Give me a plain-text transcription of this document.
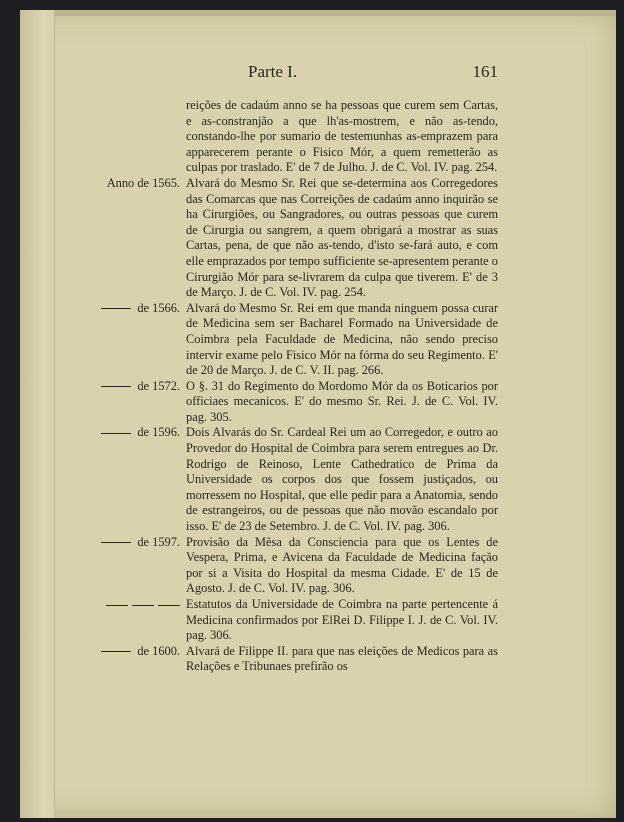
Parte I.	161
reições de cadaúm anno se ha pessoas que curem sem Cartas, e as-constranjão a que lh'as-mostrem, e não as-tendo, constando-lhe por sumario de testemunhas as-emprazem para apparecerem perante o Fisico Mór, a quem remetterão as culpas por traslado. E' de 7 de Julho. J. de C. Vol. IV. pag. 254.
Anno de 1565. Alvará do Mesmo Sr. Rei que se-determina aos Corregedores das Comarcas que nas Correições de cadaúm anno inquirão se ha Cirurgiões, ou Sangradores, ou outras pessoas que curem de Cirurgia ou sangrem, a quem obrigará a mostrar as suas Cartas, pena, de que não as-tendo, d'isto se-fará auto, e com elle emprazados por tempo sufficiente se-apresentem perante o Cirurgião Mór para se-livrarem da culpa que tiverem. E' de 3 de Março. J. de C. Vol. IV. pag. 254.
de 1566. Alvará do Mesmo Sr. Rei em que manda ninguem possa curar de Medicina sem ser Bacharel Formado na Universidade de Coimbra pela Faculdade de Medicina, não sendo preciso intervir exame pelo Fisico Mór na fórma do seu Regimento. E' de 20 de Março. J. de C. V. II. pag. 266.
de 1572. O §. 31 do Regimento do Mordomo Mór da os Boticarios por officiaes mecanicos. E' do mesmo Sr. Rei. J. de C. Vol. IV. pag. 305.
de 1596. Dois Alvarás do Sr. Cardeal Rei um ao Corregedor, e outro ao Provedor do Hospital de Coimbra para serem entregues ao Dr. Rodrigo de Reinoso, Lente Cathedratico de Prima da Universidade os corpos dos que fossem justiçados, ou morressem no Hospital, que elle pedir para a Anatomia, sendo de estrangeiros, ou de pessoas que não movão escandalo por isso. E' de 23 de Setembro. J. de C. Vol. IV. pag. 306.
de 1597. Provisão da Mêsa da Consciencia para que os Lentes de Vespera, Prima, e Avicena da Faculdade de Medicina façăo por si a Visita do Hospital da mesma Cidade. E' de 15 de Agosto. J. de C. Vol. IV. pag. 306.
Estatutos da Universidade de Coimbra na parte pertencente á Medicina confirmados por ElRei D. Filippe I. J. de C. Vol. IV. pag. 306.
de 1600. Alvará de Filippe II. para que nas eleições de Medicos para as Relações e Tribunaes prefirão os
